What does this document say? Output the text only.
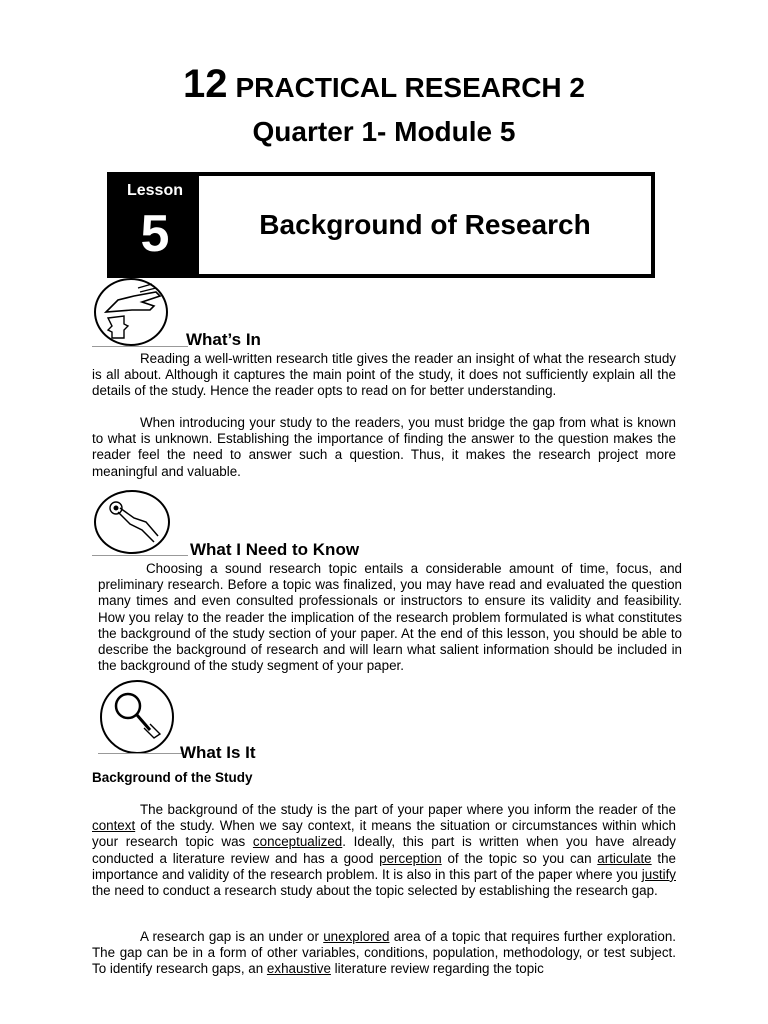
12 PRACTICAL RESEARCH 2
Quarter 1- Module 5
Lesson
5	Background of Research
What’s In
Reading a well-written research title gives the reader an insight of what the research study is all about. Although it captures the main point of the study, it does not sufficiently explain all the details of the study. Hence the reader opts to read on for better understanding.
When introducing your study to the readers, you must bridge the gap from what is known to what is unknown. Establishing the importance of finding the answer to the question makes the reader feel the need to answer such a question. Thus, it makes the research project more meaningful and valuable.
What I Need to Know
Choosing a sound research topic entails a considerable amount of time, focus, and preliminary research. Before a topic was finalized, you may have read and evaluated the question many times and even consulted professionals or instructors to ensure its validity and feasibility. How you relay to the reader the implication of the research problem formulated is what constitutes the background of the study section of your paper. At the end of this lesson, you should be able to describe the background of research and will learn what salient information should be included in the background of the study segment of your paper.
What Is It
Background of the Study
The background of the study is the part of your paper where you inform the reader of the context of the study. When we say context, it means the situation or circumstances within which your research topic was conceptualized. Ideally, this part is written when you have already conducted a literature review and has a good perception of the topic so you can articulate the importance and validity of the research problem. It is also in this part of the paper where you justify the need to conduct a research study about the topic selected by establishing the research gap.
A research gap is an under or unexplored area of a topic that requires further exploration. The gap can be in a form of other variables, conditions, population, methodology, or test subject. To identify research gaps, an exhaustive literature review regarding the topic
